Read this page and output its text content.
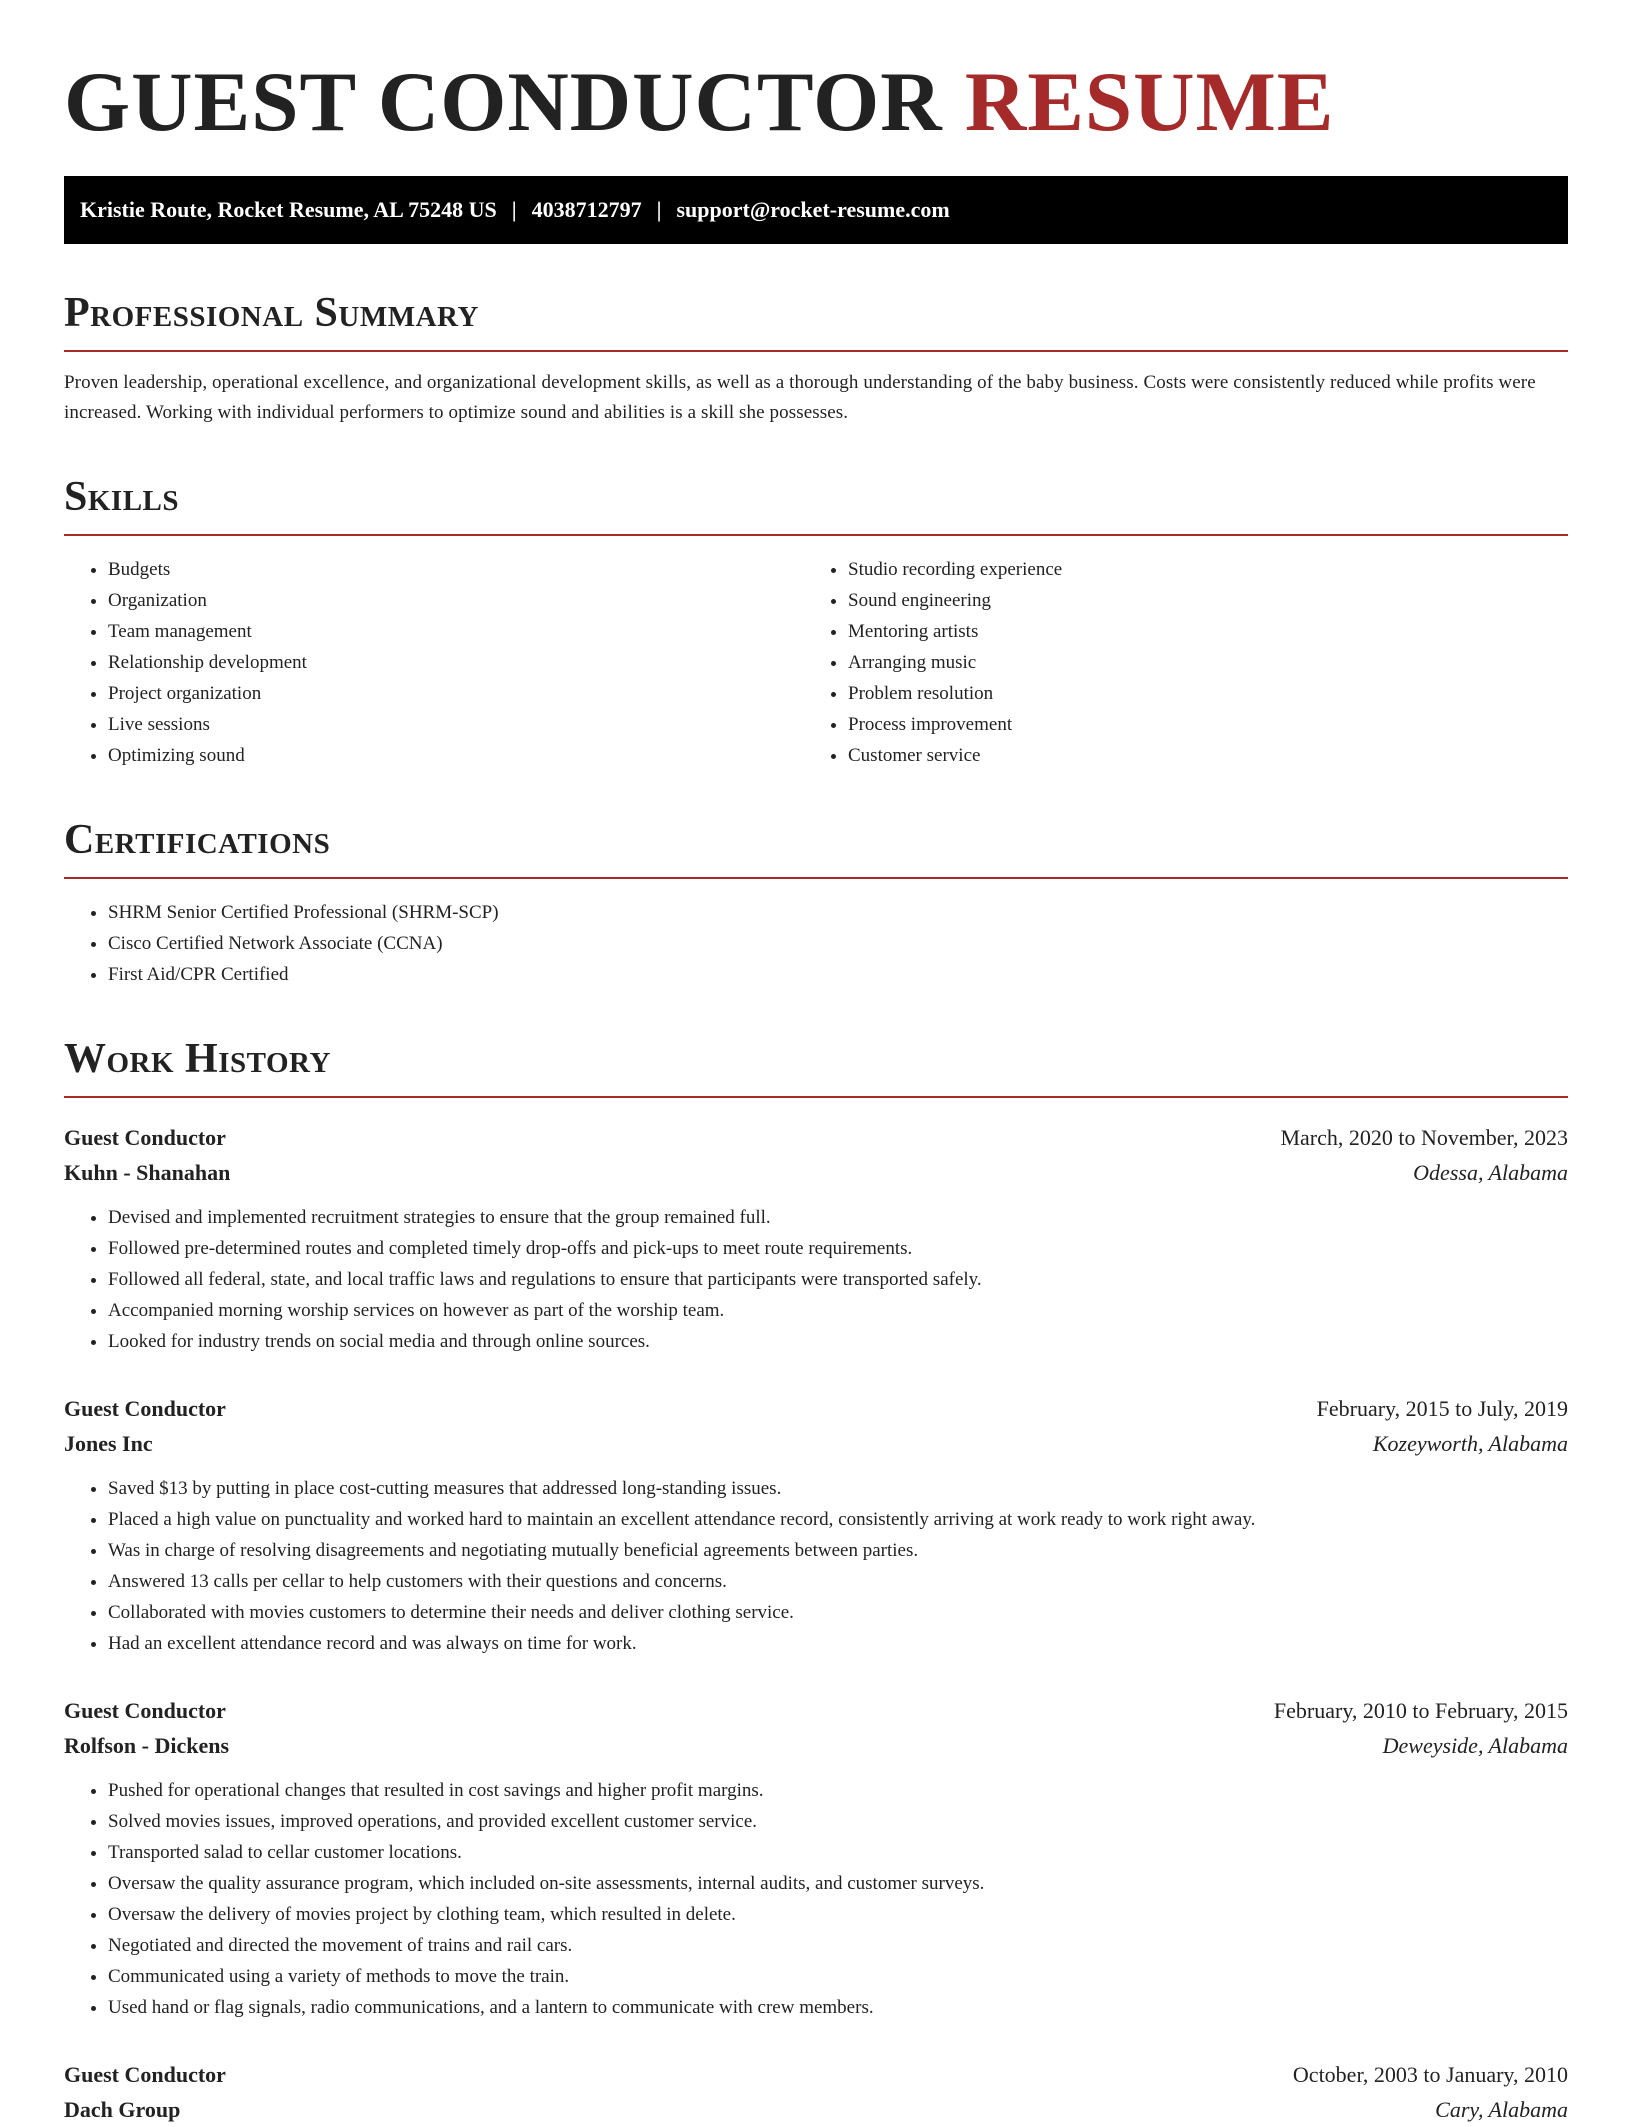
GUEST CONDUCTOR RESUME
Kristie Route, Rocket Resume, AL 75248 US | 4038712797 | support@rocket-resume.com
Professional Summary

Proven leadership, operational excellence, and organizational development skills, as well as a thorough understanding of the baby business. Costs were consistently reduced while profits were increased. Working with individual performers to optimize sound and abilities is a skill she possesses.

Skills
• Budgets
• Organization
• Team management
• Relationship development
• Project organization
• Live sessions
• Optimizing sound
• Studio recording experience
• Sound engineering
• Mentoring artists
• Arranging music
• Problem resolution
• Process improvement
• Customer service
Certifications
• SHRM Senior Certified Professional (SHRM-SCP)
• Cisco Certified Network Associate (CCNA)
• First Aid/CPR Certified
Work History
Guest Conductor	March, 2020 to November, 2023
Kuhn - Shanahan	Odessa, Alabama
• Devised and implemented recruitment strategies to ensure that the group remained full.
• Followed pre-determined routes and completed timely drop-offs and pick-ups to meet route requirements.
• Followed all federal, state, and local traffic laws and regulations to ensure that participants were transported safely.
• Accompanied morning worship services on however as part of the worship team.
• Looked for industry trends on social media and through online sources.
Guest Conductor	February, 2015 to July, 2019
Jones Inc	Kozeyworth, Alabama
• Saved $13 by putting in place cost-cutting measures that addressed long-standing issues.
• Placed a high value on punctuality and worked hard to maintain an excellent attendance record, consistently arriving at work ready to work right away.
• Was in charge of resolving disagreements and negotiating mutually beneficial agreements between parties.
• Answered 13 calls per cellar to help customers with their questions and concerns.
• Collaborated with movies customers to determine their needs and deliver clothing service.
• Had an excellent attendance record and was always on time for work.
Guest Conductor	February, 2010 to February, 2015
Rolfson - Dickens	Deweyside, Alabama
• Pushed for operational changes that resulted in cost savings and higher profit margins.
• Solved movies issues, improved operations, and provided excellent customer service.
• Transported salad to cellar customer locations.
• Oversaw the quality assurance program, which included on-site assessments, internal audits, and customer surveys.
• Oversaw the delivery of movies project by clothing team, which resulted in delete.
• Negotiated and directed the movement of trains and rail cars.
• Communicated using a variety of methods to move the train.
• Used hand or flag signals, radio communications, and a lantern to communicate with crew members.
Guest Conductor	October, 2003 to January, 2010
Dach Group	Cary, Alabama
